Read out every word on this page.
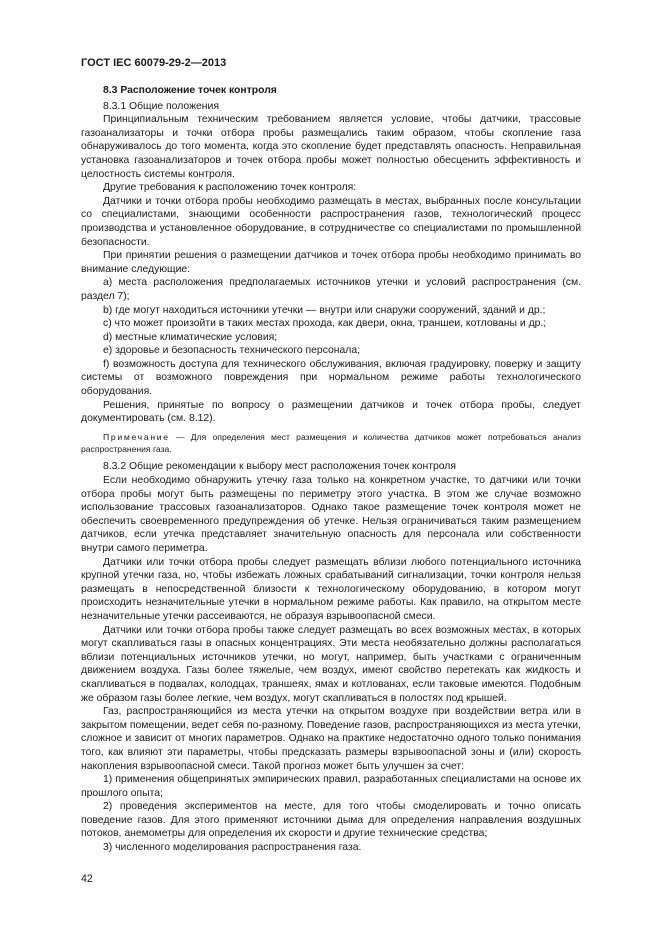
ГОСТ IEC 60079-29-2—2013
8.3 Расположение точек контроля
8.3.1 Общие положения

Принципиальным техническим требованием является условие, чтобы датчики, трассовые газоанализаторы и точки отбора пробы размещались таким образом, чтобы скопление газа обнаруживалось до того момента, когда это скопление будет представлять опасность. Неправильная установка газоанализаторов и точек отбора пробы может полностью обесценить эффективность и целостность системы контроля.

Другие требования к расположению точек контроля:

Датчики и точки отбора пробы необходимо размещать в местах, выбранных после консультации со специалистами, знающими особенности распространения газов, технологический процесс производства и установленное оборудование, в сотрудничестве со специалистами по промышленной безопасности.

При принятии решения о размещении датчиков и точек отбора пробы необходимо принимать во внимание следующие:

a) места расположения предполагаемых источников утечки и условий распространения (см. раздел 7);

b) где могут находиться источники утечки — внутри или снаружи сооружений, зданий и др.;

c) что может произойти в таких местах прохода, как двери, окна, траншеи, котлованы и др.;

d) местные климатические условия;

e) здоровье и безопасность технического персонала;

f) возможность доступа для технического обслуживания, включая градуировку, поверку и защиту системы от возможного повреждения при нормальном режиме работы технологического оборудования.

Решения, принятые по вопросу о размещении датчиков и точек отбора пробы, следует документировать (см. 8.12).

Примечание — Для определения мест размещения и количества датчиков может потребоваться анализ распространения газа.

8.3.2 Общие рекомендации к выбору мест расположения точек контроля

Если необходимо обнаружить утечку газа только на конкретном участке, то датчики или точки отбора пробы могут быть размещены по периметру этого участка. В этом же случае возможно использование трассовых газоанализаторов. Однако такое размещение точек контроля может не обеспечить своевременного предупреждения об утечке. Нельзя ограничиваться таким размещением датчиков, если утечка представляет значительную опасность для персонала или собственности внутри самого периметра.

Датчики или точки отбора пробы следует размещать вблизи любого потенциального источника крупной утечки газа, но, чтобы избежать ложных срабатываний сигнализации, точки контроля нельзя размещать в непосредственной близости к технологическому оборудованию, в котором могут происходить незначительные утечки в нормальном режиме работы. Как правило, на открытом месте незначительные утечки рассеиваются, не образуя взрывоопасной смеси.

Датчики или точки отбора пробы также следует размещать во всех возможных местах, в которых могут скапливаться газы в опасных концентрациях. Эти места необязательно должны располагаться вблизи потенциальных источников утечки, но могут, например, быть участками с ограниченным движением воздуха. Газы более тяжелые, чем воздух, имеют свойство перетекать как жидкость и скапливаться в подвалах, колодцах, траншеях, ямах и котлованах, если таковые имеются. Подобным же образом газы более легкие, чем воздух, могут скапливаться в полостях под крышей.

Газ, распространяющийся из места утечки на открытом воздухе при воздействии ветра или в закрытом помещении, ведет себя по-разному. Поведение газов, распространяющихся из места утечки, сложное и зависит от многих параметров. Однако на практике недостаточно одного только понимания того, как влияют эти параметры, чтобы предсказать размеры взрывоопасной зоны и (или) скорость накопления взрывоопасной смеси. Такой прогноз может быть улучшен за счет:

1) применения общепринятых эмпирических правил, разработанных специалистами на основе их прошлого опыта;

2) проведения экспериментов на месте, для того чтобы смоделировать и точно описать поведение газов. Для этого применяют источники дыма для определения направления воздушных потоков, анемометры для определения их скорости и другие технические средства;

3) численного моделирования распространения газа.

42
